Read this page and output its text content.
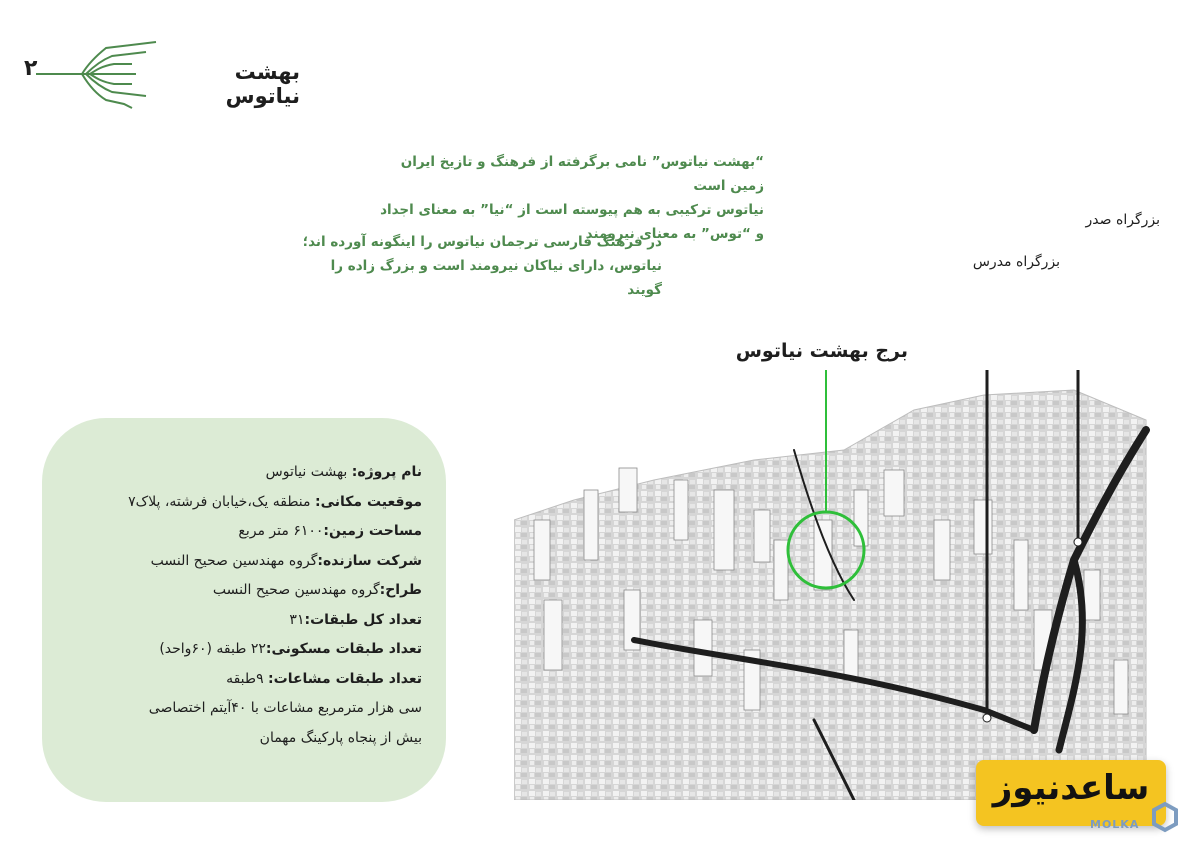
۲	بهشت نیاتوس
“بهشت نیاتوس” نامی برگرفته از فرهنگ و تازیخ ایران زمین است
نیاتوس ترکیبی به هم پیوسته است از “نیا” به معنای اجداد
و “توس” به معنای نیرومند
در فرهنگ فارسی ترجمان نیاتوس را اینگونه آورده اند؛
نیاتوس، دارای نیاکان نیرومند است و بزرگ زاده را گویند
نام پروژه: بهشت نیاتوس
موقعیت مکانی: منطقه یک،خیابان فرشته، پلاک۷
مساحت زمین:۶۱۰۰ متر مربع
شرکت سازنده:گروه مهندسین صحیح النسب
طراح:گروه مهندسین صحیح النسب
تعداد کل طبقات:۳۱
تعداد طبقات مسکونی:۲۲ طبقه (۶۰واحد)
تعداد طبقات مشاعات: ۹طبقه
سی هزار مترمربع مشاعات با ۴۰آیتم اختصاصی
بیش از پنجاه پارکینگ مهمان
بزرگراه صدر
بزرگراه مدرس
برج بهشت نیاتوس
ساعدنیوز
MOLKA
